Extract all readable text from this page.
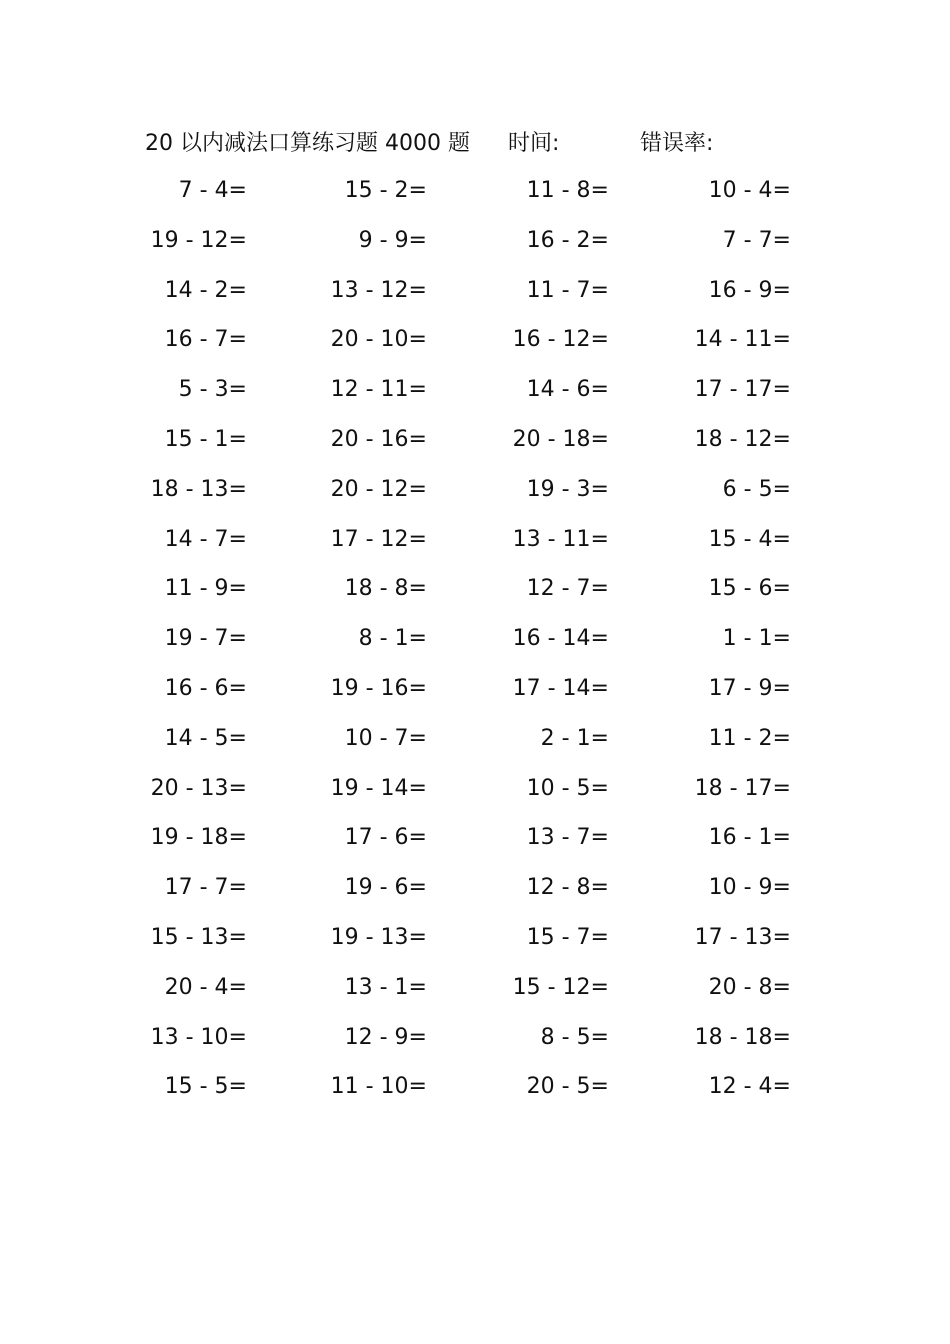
20 以内减法口算练习题 4000 题 时间:	错误率:
7 - 4=	15 - 2=	11 - 8=	10 - 4=
19 - 12=	9 - 9=	16 - 2=	7 - 7=
14 - 2=	13 - 12=	11 - 7=	16 - 9=
16 - 7=	20 - 10=	16 - 12=	14 - 11=
5 - 3=	12 - 11=	14 - 6=	17 - 17=
15 - 1=	20 - 16=	20 - 18=	18 - 12=
18 - 13=	20 - 12=	19 - 3=	6 - 5=
14 - 7=	17 - 12=	13 - 11=	15 - 4=
11 - 9=	18 - 8=	12 - 7=	15 - 6=
19 - 7=	8 - 1=	16 - 14=	1 - 1=
16 - 6=	19 - 16=	17 - 14=	17 - 9=
14 - 5=	10 - 7=	2 - 1=	11 - 2=
20 - 13=	19 - 14=	10 - 5=	18 - 17=
19 - 18=	17 - 6=	13 - 7=	16 - 1=
17 - 7=	19 - 6=	12 - 8=	10 - 9=
15 - 13=	19 - 13=	15 - 7=	17 - 13=
20 - 4=	13 - 1=	15 - 12=	20 - 8=
13 - 10=	12 - 9=	8 - 5=	18 - 18=
15 - 5=	11 - 10=	20 - 5=	12 - 4=
